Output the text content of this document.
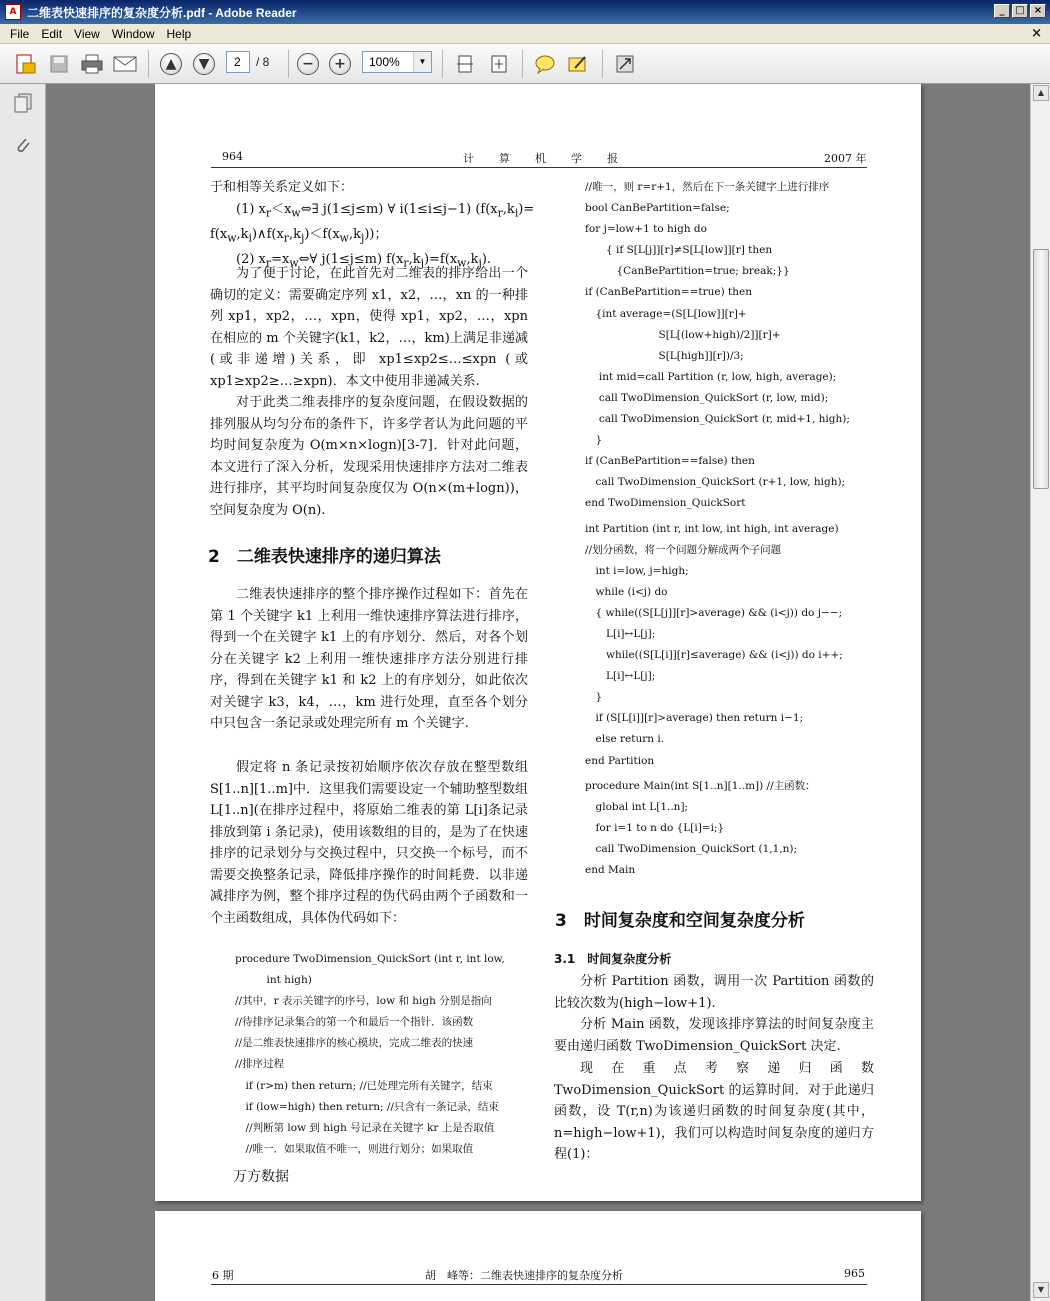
A 二维表快速排序的复杂度分析.pdf - Adobe Reader	_	□ ×
File	Edit	View	Window	Help	×
▲	▼	−	+
2	/ 8	100%	▼
964	计　　算　　机　　学　　报	2007 年
于和相等关系定义如下：
　　(1) $x_r<x_w\Leftrightarrow\exists$ j(1≤j≤m) ∀ i(1≤i≤j−1) ($f(x_r,k_i)=$
$f(x_w,k_i)\wedge f(x_r,k_j)<f(x_w,k_j)$)；
　　(2) $x_r=x_w\Leftrightarrow\forall$ j(1≤j≤m) $f(x_r,k_j)=f(x_w,k_j)$.
为了便于讨论，在此首先对二维表的排序给出一个确切的定义：需要确定序列 x1，x2，…，xn 的一种排列 xp1，xp2，…，xpn，使得 xp1，xp2，…，xpn 在相应的 m 个关键字(k1，k2，…，km)上满足非递减(或非递增)关系，即 xp1≤xp2≤…≤xpn (或 xp1≥xp2≥…≥xpn)．本文中使用非递减关系.
对于此类二维表排序的复杂度问题，在假设数据的排列服从均匀分布的条件下，许多学者认为此问题的平均时间复杂度为 O(m×n×logn)[3-7]．针对此问题，本文进行了深入分析，发现采用快速排序方法对二维表进行排序，其平均时间复杂度仅为 O(n×(m+logn))，空间复杂度为 O(n).
2　二维表快速排序的递归算法
二维表快速排序的整个排序操作过程如下：首先在第 1 个关键字 k1 上利用一维快速排序算法进行排序，得到一个在关键字 k1 上的有序划分．然后，对各个划分在关键字 k2 上利用一维快速排序方法分别进行排序，得到在关键字 k1 和 k2 上的有序划分，如此依次对关键字 k3，k4，…，km 进行处理，直至各个划分中只包含一条记录或处理完所有 m 个关键字.
假定将 n 条记录按初始顺序依次存放在整型数组 S[1..n][1..m]中．这里我们需要设定一个辅助整型数组 L[1..n](在排序过程中，将原始二维表的第 L[i]条记录排放到第 i 条记录)，使用该数组的目的，是为了在快速排序的记录划分与交换过程中，只交换一个标号，而不需要交换整条记录，降低排序操作的时间耗费．以非递减排序为例，整个排序过程的伪代码由两个子函数和一个主函数组成，具体伪代码如下：
procedure TwoDimension_QuickSort (int r, int low,
　　　int high)
//其中，r 表示关键字的序号，low 和 high 分别是指向
//待排序记录集合的第一个和最后一个指针．该函数
//是二维表快速排序的核心模块，完成二维表的快速
//排序过程
　if (r>m) then return; //已处理完所有关键字，结束
　if (low=high) then return; //只含有一条记录，结束
　//判断第 low 到 high 号记录在关键字 kr 上是否取值
　//唯一．如果取值不唯一，则进行划分；如果取值
万方数据
//唯一，则 r=r+1，然后在下一条关键字上进行排序
bool CanBePartition=false;
for j=low+1 to high do
　　{ if S[L[j]][r]≠S[L[low]][r] then
　　　{CanBePartition=true; break;}}
if (CanBePartition==true) then
　{int average=(S[L[low]][r]+
　　　　　　　S[L[(low+high)/2]][r]+
　　　　　　　S[L[high]][r])/3;
　 int mid=call Partition (r, low, high, average);
　 call TwoDimension_QuickSort (r, low, mid);
　 call TwoDimension_QuickSort (r, mid+1, high);
　}
if (CanBePartition==false) then
　call TwoDimension_QuickSort (r+1, low, high);
end TwoDimension_QuickSort
int Partition (int r, int low, int high, int average)
//划分函数，将一个问题分解成两个子问题
　int i=low, j=high;
　while (i<j) do
　{ while((S[L[j]][r]>average) && (i<j)) do j−−;
　　L[i]↔L[j];
　　while((S[L[i]][r]≤average) && (i<j)) do i++;
　　L[i]↔L[j];
　}
　if (S[L[i]][r]>average) then return i−1;
　else return i.
end Partition
procedure Main(int S[1..n][1..m]) //主函数：
　global int L[1..n];
　for i=1 to n do {L[i]=i;}
　call TwoDimension_QuickSort (1,1,n);
end Main
3　时间复杂度和空间复杂度分析
3.1　时间复杂度分析
分析 Partition 函数，调用一次 Partition 函数的比较次数为(high−low+1).
分析 Main 函数，发现该排序算法的时间复杂度主要由递归函数 TwoDimension_QuickSort 决定.
现在重点考察递归函数 TwoDimension_QuickSort 的运算时间．对于此递归函数，设 T(r,n)为该递归函数的时间复杂度(其中，n=high−low+1)，我们可以构造时间复杂度的递归方程(1)：
6 期	胡　峰等：二维表快速排序的复杂度分析	965
▲
▼
